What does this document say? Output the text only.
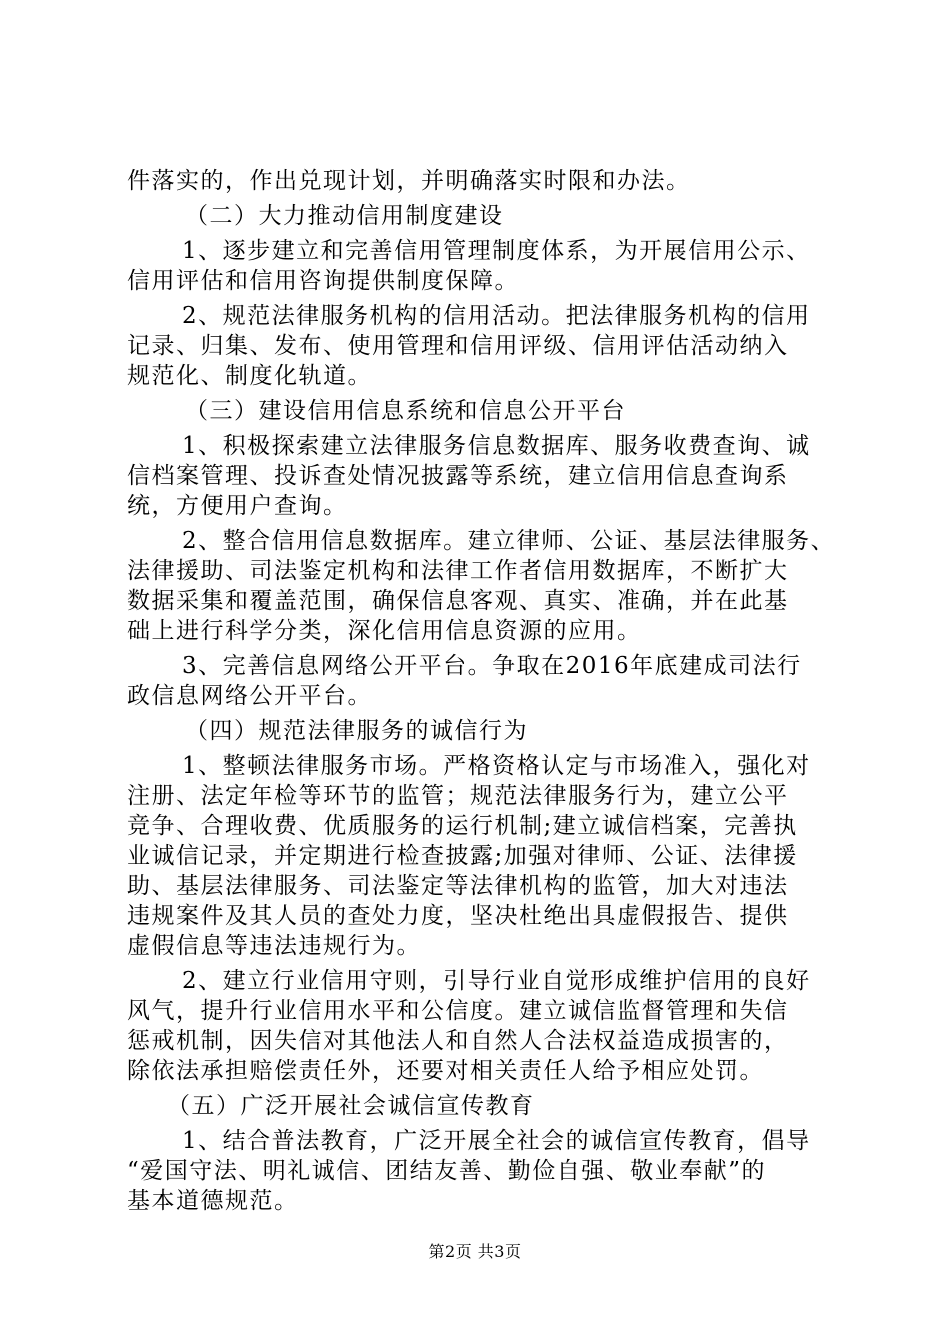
件落实的，作出兑现计划，并明确落实时限和办法。
（二）大力推动信用制度建设
1、逐步建立和完善信用管理制度体系，为开展信用公示、
信用评估和信用咨询提供制度保障。
2、规范法律服务机构的信用活动。把法律服务机构的信用
记录、归集、发布、使用管理和信用评级、信用评估活动纳入
规范化、制度化轨道。
（三）建设信用信息系统和信息公开平台
1、积极探索建立法律服务信息数据库、服务收费查询、诚
信档案管理、投诉查处情况披露等系统，建立信用信息查询系
统，方便用户查询。
2、整合信用信息数据库。建立律师、公证、基层法律服务、
法律援助、司法鉴定机构和法律工作者信用数据库，不断扩大
数据采集和覆盖范围，确保信息客观、真实、准确，并在此基
础上进行科学分类，深化信用信息资源的应用。
3、完善信息网络公开平台。争取在2016年底建成司法行
政信息网络公开平台。
（四）规范法律服务的诚信行为
1、整顿法律服务市场。严格资格认定与市场准入，强化对
注册、法定年检等环节的监管；规范法律服务行为，建立公平
竞争、合理收费、优质服务的运行机制;建立诚信档案，完善执
业诚信记录，并定期进行检查披露;加强对律师、公证、法律援
助、基层法律服务、司法鉴定等法律机构的监管，加大对违法
违规案件及其人员的查处力度，坚决杜绝出具虚假报告、提供
虚假信息等违法违规行为。
2、建立行业信用守则，引导行业自觉形成维护信用的良好
风气，提升行业信用水平和公信度。建立诚信监督管理和失信
惩戒机制，因失信对其他法人和自然人合法权益造成损害的，
除依法承担赔偿责任外，还要对相关责任人给予相应处罚。
（五）广泛开展社会诚信宣传教育
1、结合普法教育，广泛开展全社会的诚信宣传教育，倡导
“爱国守法、明礼诚信、团结友善、勤俭自强、敬业奉献”的
基本道德规范。
第2页 共3页
